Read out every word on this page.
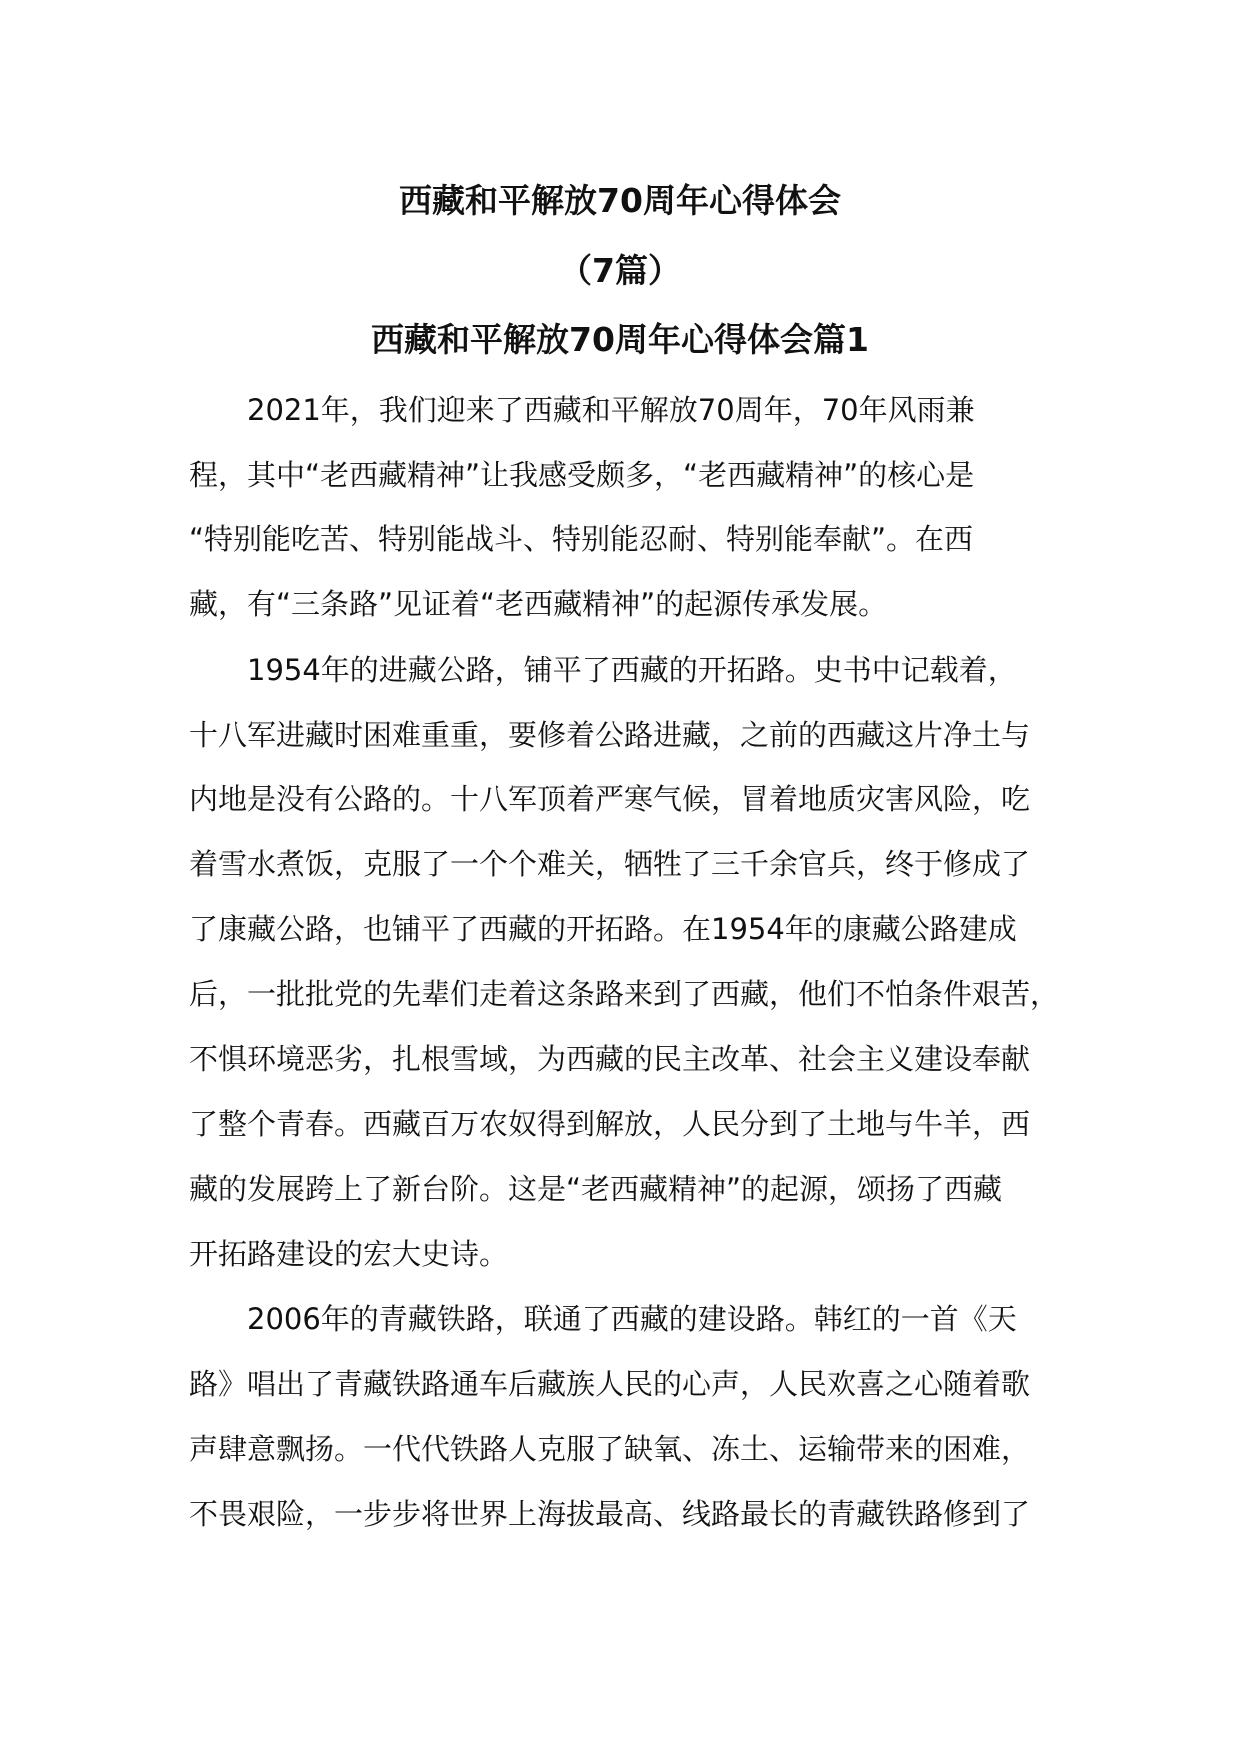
西藏和平解放70周年心得体会
（7篇）
西藏和平解放70周年心得体会篇1
2021年，我们迎来了西藏和平解放70周年，70年风雨兼
程，其中“老西藏精神”让我感受颇多，“老西藏精神”的核心是
“特别能吃苦、特别能战斗、特别能忍耐、特别能奉献”。在西
藏，有“三条路”见证着“老西藏精神”的起源传承发展。
1954年的进藏公路，铺平了西藏的开拓路。史书中记载着，
十八军进藏时困难重重，要修着公路进藏，之前的西藏这片净土与
内地是没有公路的。十八军顶着严寒气候，冒着地质灾害风险，吃
着雪水煮饭，克服了一个个难关，牺牲了三千余官兵，终于修成了
了康藏公路，也铺平了西藏的开拓路。在1954年的康藏公路建成
后，一批批党的先辈们走着这条路来到了西藏，他们不怕条件艰苦，
不惧环境恶劣，扎根雪域，为西藏的民主改革、社会主义建设奉献
了整个青春。西藏百万农奴得到解放，人民分到了土地与牛羊，西
藏的发展跨上了新台阶。这是“老西藏精神”的起源，颂扬了西藏
开拓路建设的宏大史诗。
2006年的青藏铁路，联通了西藏的建设路。韩红的一首《天
路》唱出了青藏铁路通车后藏族人民的心声，人民欢喜之心随着歌
声肆意飘扬。一代代铁路人克服了缺氧、冻土、运输带来的困难，
不畏艰险，一步步将世界上海拔最高、线路最长的青藏铁路修到了
